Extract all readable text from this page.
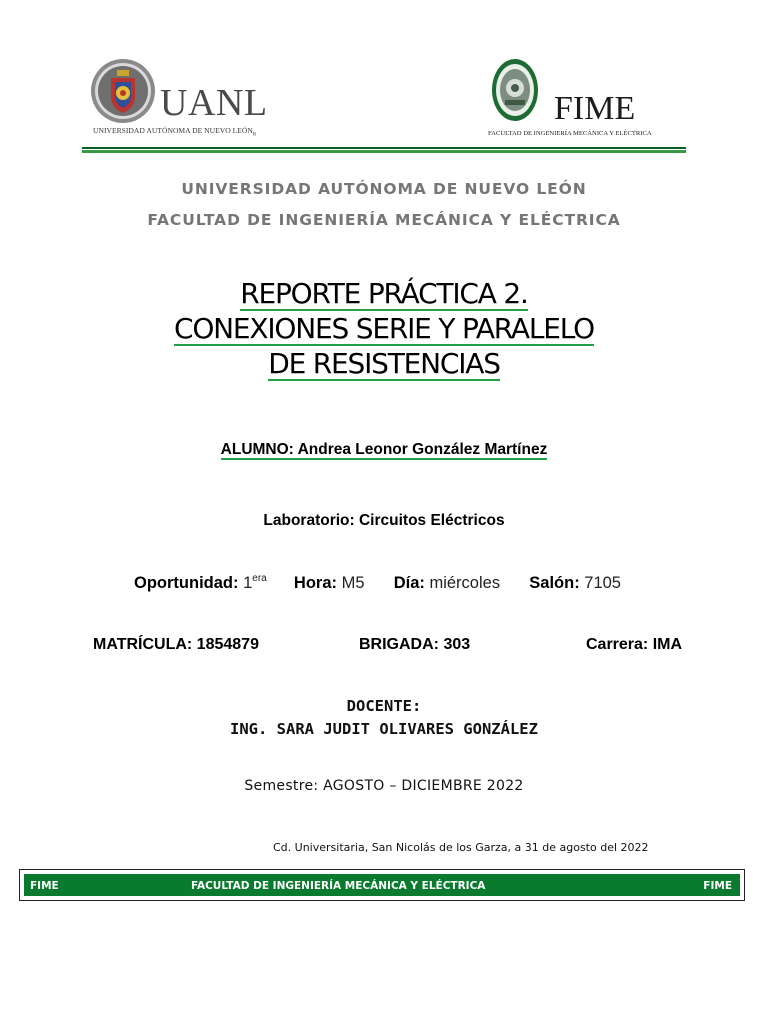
UANL
UNIVERSIDAD AUTÓNOMA DE NUEVO $LEÓN_R$
FIME
FACULTAD DE INGENIERÍA MECÁNICA Y ELÉCTRICA
UNIVERSIDAD AUTÓNOMA DE NUEVO LEÓN
FACULTAD DE INGENIERÍA MECÁNICA Y ELÉCTRICA
REPORTE PRÁCTICA 2.
CONEXIONES SERIE Y PARALELO
DE RESISTENCIAS
ALUMNO: Andrea Leonor González Martínez
Laboratorio: Circuitos Eléctricos
Oportunidad: $1^{era}$ Hora: M5 Día: miércoles Salón: 7105
MATRÍCULA: 1854879	BRIGADA: 303	Carrera: IMA
DOCENTE:
ING. SARA JUDIT OLIVARES GONZÁLEZ
Semestre: AGOSTO – DICIEMBRE 2022
Cd. Universitaria, San Nicolás de los Garza, a 31 de agosto del 2022
FIME	FACULTAD DE INGENIERÍA MECÁNICA Y ELÉCTRICA	FIME
